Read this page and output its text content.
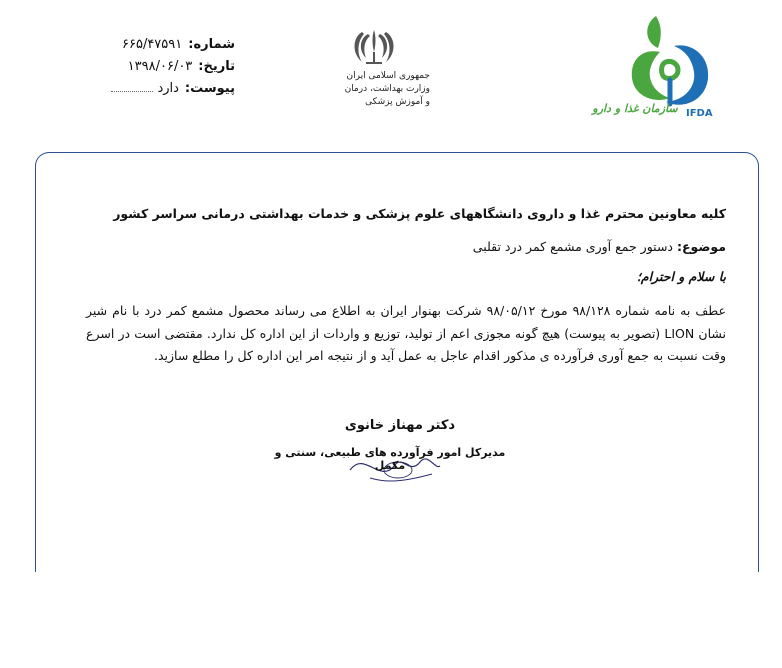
شماره:
۶۶۵/۴۷۵۹۱
تاریخ:
۱۳۹۸/۰۶/۰۳
پیوست:
دارد
جمهوری اسلامی ایران
وزارت بهداشت، درمان
و آموزش پزشکی	سازمان غذا و دارو IFDA
کلیه معاونین محترم غذا و داروی دانشگاههای علوم پزشکی و خدمات بهداشتی درمانی سراسر کشور
موضوع: دستور جمع آوری مشمع کمر درد تقلبی
با سلام و احترام؛
عطف به نامه شماره ۹۸/۱۲۸ مورخ ۹۸/۰۵/۱۲ شرکت بهنوار ایران به اطلاع می رساند محصول مشمع کمر درد با نام شیر نشان LION (تصویر به پیوست) هیچ گونه مجوزی اعم از تولید، توزیع و واردات از این اداره کل ندارد. مقتضی است در اسرع وقت نسبت به جمع آوری فرآورده ی مذکور اقدام عاجل به عمل آید و از نتیجه امر این اداره کل را مطلع سازید.
دکتر مهناز خانوی
مدیرکل امور فرآورده های طبیعی، سنتی و مکمل
